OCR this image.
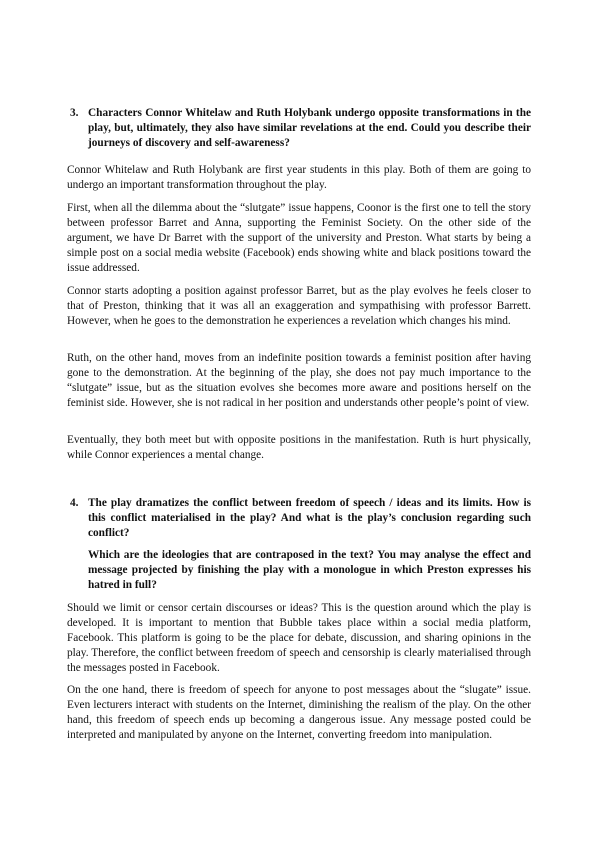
3. Characters Connor Whitelaw and Ruth Holybank undergo opposite transformations in the play, but, ultimately, they also have similar revelations at the end. Could you describe their journeys of discovery and self-awareness?

Connor Whitelaw and Ruth Holybank are first year students in this play. Both of them are going to undergo an important transformation throughout the play.

First, when all the dilemma about the “slutgate” issue happens, Coonor is the first one to tell the story between professor Barret and Anna, supporting the Feminist Society. On the other side of the argument, we have Dr Barret with the support of the university and Preston. What starts by being a simple post on a social media website (Facebook) ends showing white and black positions toward the issue addressed.

Connor starts adopting a position against professor Barret, but as the play evolves he feels closer to that of Preston, thinking that it was all an exaggeration and sympathising with professor Barrett. However, when he goes to the demonstration he experiences a revelation which changes his mind.

Ruth, on the other hand, moves from an indefinite position towards a feminist position after having gone to the demonstration. At the beginning of the play, she does not pay much importance to the “slutgate” issue, but as the situation evolves she becomes more aware and positions herself on the feminist side. However, she is not radical in her position and understands other people’s point of view.

Eventually, they both meet but with opposite positions in the manifestation. Ruth is hurt physically, while Connor experiences a mental change.

4. The play dramatizes the conflict between freedom of speech / ideas and its limits. How is this conflict materialised in the play? And what is the play’s conclusion regarding such conflict?
Which are the ideologies that are contraposed in the text? You may analyse the effect and message projected by finishing the play with a monologue in which Preston expresses his hatred in full?

Should we limit or censor certain discourses or ideas? This is the question around which the play is developed. It is important to mention that Bubble takes place within a social media platform, Facebook. This platform is going to be the place for debate, discussion, and sharing opinions in the play. Therefore, the conflict between freedom of speech and censorship is clearly materialised through the messages posted in Facebook.

On the one hand, there is freedom of speech for anyone to post messages about the “slugate” issue. Even lecturers interact with students on the Internet, diminishing the realism of the play. On the other hand, this freedom of speech ends up becoming a dangerous issue. Any message posted could be interpreted and manipulated by anyone on the Internet, converting freedom into manipulation.
